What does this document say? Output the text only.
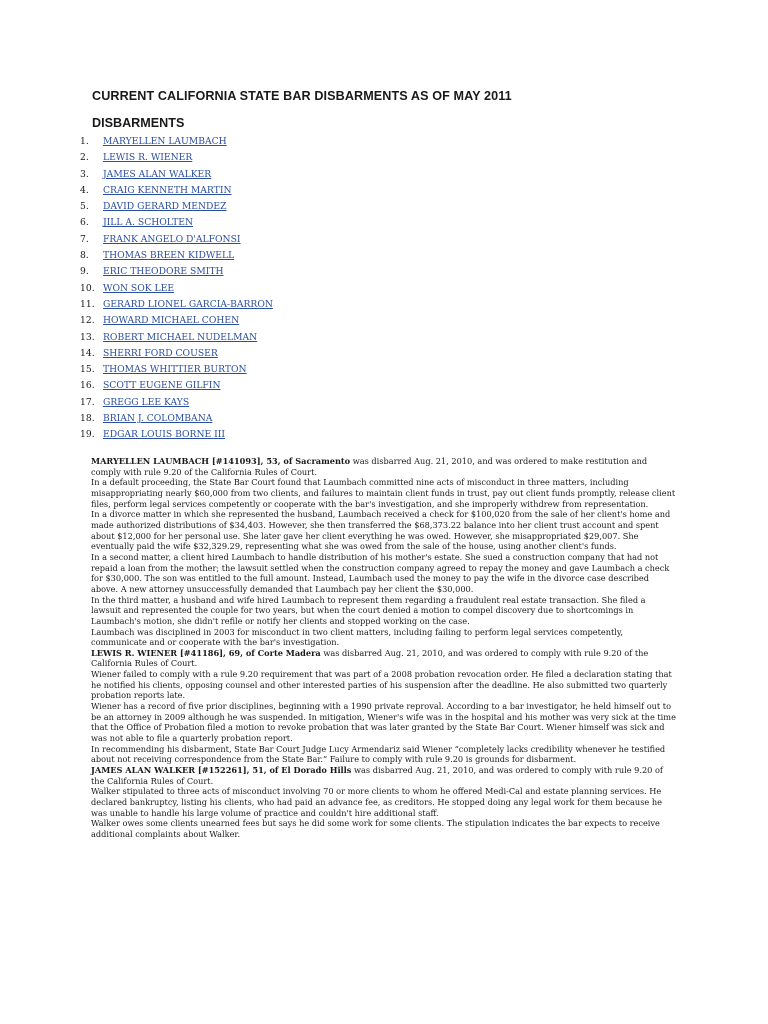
CURRENT CALIFORNIA STATE BAR DISBARMENTS AS OF MAY 2011
DISBARMENTS
1.	MARYELLEN LAUMBACH
2.	LEWIS R. WIENER
3.	JAMES ALAN WALKER
4.	CRAIG KENNETH MARTIN
5.	DAVID GERARD MENDEZ
6.	JILL A. SCHOLTEN
7.	FRANK ANGELO D'ALFONSI
8.	THOMAS BREEN KIDWELL
9.	ERIC THEODORE SMITH
10. WON SOK LEE
11. GERARD LIONEL GARCIA-BARRON
12. HOWARD MICHAEL COHEN
13. ROBERT MICHAEL NUDELMAN
14. SHERRI FORD COUSER
15. THOMAS WHITTIER BURTON
16. SCOTT EUGENE GILFIN
17. GREGG LEE KAYS
18. BRIAN J. COLOMBANA
19. EDGAR LOUIS BORNE III

MARYELLEN LAUMBACH [#141093], 53, of Sacramento was disbarred Aug. 21, 2010, and was ordered to make restitution and comply with rule 9.20 of the California Rules of Court.

In a default proceeding, the State Bar Court found that Laumbach committed nine acts of misconduct in three matters, including misappropriating nearly $60,000 from two clients, and failures to maintain client funds in trust, pay out client funds promptly, release client files, perform legal services competently or cooperate with the bar's investigation, and she improperly withdrew from representation.

In a divorce matter in which she represented the husband, Laumbach received a check for $100,020 from the sale of her client's home and made authorized distributions of $34,403. However, she then transferred the $68,373.22 balance into her client trust account and spent about $12,000 for her personal use. She later gave her client everything he was owed. However, she misappropriated $29,007. She eventually paid the wife $32,329.29, representing what she was owed from the sale of the house, using another client's funds.

In a second matter, a client hired Laumbach to handle distribution of his mother's estate. She sued a construction company that had not repaid a loan from the mother; the lawsuit settled when the construction company agreed to repay the money and gave Laumbach a check for $30,000. The son was entitled to the full amount. Instead, Laumbach used the money to pay the wife in the divorce case described above. A new attorney unsuccessfully demanded that Laumbach pay her client the $30,000.

In the third matter, a husband and wife hired Laumbach to represent them regarding a fraudulent real estate transaction. She filed a lawsuit and represented the couple for two years, but when the court denied a motion to compel discovery due to shortcomings in Laumbach's motion, she didn't refile or notify her clients and stopped working on the case.

Laumbach was disciplined in 2003 for misconduct in two client matters, including failing to perform legal services competently, communicate and or cooperate with the bar's investigation.

LEWIS R. WIENER [#41186], 69, of Corte Madera was disbarred Aug. 21, 2010, and was ordered to comply with rule 9.20 of the California Rules of Court.

Wiener failed to comply with a rule 9.20 requirement that was part of a 2008 probation revocation order. He filed a declaration stating that he notified his clients, opposing counsel and other interested parties of his suspension after the deadline. He also submitted two quarterly probation reports late.

Wiener has a record of five prior disciplines, beginning with a 1990 private reproval. According to a bar investigator, he held himself out to be an attorney in 2009 although he was suspended. In mitigation, Wiener's wife was in the hospital and his mother was very sick at the time that the Office of Probation filed a motion to revoke probation that was later granted by the State Bar Court. Wiener himself was sick and was not able to file a quarterly probation report.

In recommending his disbarment, State Bar Court Judge Lucy Armendariz said Wiener “completely lacks credibility whenever he testified about not receiving correspondence from the State Bar.” Failure to comply with rule 9.20 is grounds for disbarment.

JAMES ALAN WALKER [#152261], 51, of El Dorado Hills was disbarred Aug. 21, 2010, and was ordered to comply with rule 9.20 of the California Rules of Court.

Walker stipulated to three acts of misconduct involving 70 or more clients to whom he offered Medi-Cal and estate planning services. He declared bankruptcy, listing his clients, who had paid an advance fee, as creditors. He stopped doing any legal work for them because he was unable to handle his large volume of practice and couldn't hire additional staff.

Walker owes some clients unearned fees but says he did some work for some clients. The stipulation indicates the bar expects to receive additional complaints about Walker.
